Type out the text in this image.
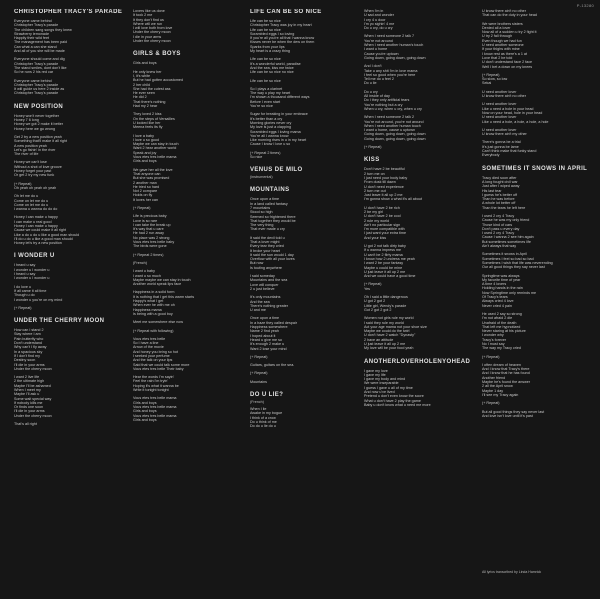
P-13280
CHRISTOPHER TRACY'S PARADE
Everyone came behind
Christopher Tracy's parade
The children sang songs they knew
Strawberry lemonade
Happily their wild feet
The management has been paid
Can what a can she stand
And all of you she will be made
Everyone should come and dig
Christopher Tracy's parade
The stand smiles, dont don't like
So he runs 2 his red car
Everyone came behind
Christopher Tracy's parade
It will guide us here 2 inside as
Christopher Tracy's parade
NEW POSITION
Honey won't never together
Honey 7 6 long
Honey we got 2 make it better
Honey here we go wrong
Get 2 try a new position yeah
Something that'll make it all right
A new position yeah
Let's go fishin' in the river
The river of life
Honey we can't lose
Without a shot of love groove
Honey forget your past
Or get 2 try my new funk
(+ Repeat)
Oh yeah oh yeah oh yeah
Oh let me do u
Come on let me do u
Come on let me do u
I wanna u wanna do do do
Honey I can make u happy
I can make u real good
Honey I can make u happy
Cause we could make it all right
Like a do u do u like a good man should
I'll do u do u like a good man should
Honey let's try a new position
I WONDER U
I heard u say
I wonder u I wonder u
I heard u say
I wonder u I wonder u
I do love u
If all came it all time
Though u do
I wonder u you're on my mind
(+ Repeat)
UNDER THE CHERRY MOON
How can I stand 2
Stay where I am
Pain butterfly who
Don't understand
Why can't I fly away
In a spacious sky
If I don't find my
Destiny soon
I'll die in your arms
Under the cherry moon
I want 2 live life
2 the ultimate high
Maybe I'll be ashamed
When I meet my
Maybe I'll ask u
Some wait special way
If nobody kills me
Or finds one soon
I'll die in your arms
Under the cherry moon
That's all right
Lovers like us done
It took 2 me
It they don't find us
Where will we run
I will love both from love
Under the cherry moon
I die in your arms
Under the cherry moon
GIRLS & BOYS
Girls and boys
He only knew her
I, it's white
But he had gotten accustomed
2 her child
She had the cutest ass
He ever seen
He did 2
That there's nothing
Had my 2 hear
They loved 2 kiss
On the steps of Versailles
U looked like her
Meena feels its fly
I love a baby
I love u so good
Maybe we can stay in touch
Want 2 hear another world
Speak and joy
Vous etes tres belle mama
Girls and boys
We gave her all the love
That anyone can
But she was promised
2 another man
He tried so hard
Not 2 compare
Holds on fly
It loves her can
(+ Repeat)
Life is precious baby
Love is so rare
I can take the break up
It's way that u care
He had 2 run away
No place was 2 strong
Vous etes tres belle baby
The birds were gone
(+ Repeat 2 times)
(French)
I want u baby
I want u so much
Maybe maybe we can stay in touch
Another world speak lips face
Happiness in a solid form
It is nothing that I get this warm starts
Happy's what I get
When ever he with me oh
Happiness mama
Is being with a good boy
Meet me somewhere else now
(+ Repeat with following)
Vous etes tres belle
So I have a line
Arrow of the movie
And honey you bring so hot
I seeked your perfume
And the talk on your lips
Said that we could talk some more
Vous etes tres belle Their baby
Hear the words I'm sayin'
Feel the rain I'm tryin'
Hoping it's what it wanna be
Write it tonight tonight
Vous etes tres belle mama
Girls and boys
Vous etes tres belle mama
Girls and boys
Vous etes tres belle mama
Girls and boys
LIFE CAN BE SO NICE
Life can be so nice
Christopher Tracy was joy in my heart
Life can be so nice
Scrambled eggs I so loving
If you're all you're all that I wanna know
Kisses never be when the dew on them
Sparks from your lips
My heart is a crazy thing
Life can be so nice
It's a wonderful world, paradise
And the sea, kiss me twice
Life can be so nice no nice
Life can be so nice
So I plays a clarinet
The way u play my heart
I'm shown a thousand different ways
Before I even start
You're so nice
Sugar for breaking in your embrace
It's better than a cry
Morning glories never cry
My love is just a clapping
Scrambled eggs I loving mama
You're all I wanna know
Like morning rises in u in my heart
Cause I know I love u so
(+ Repeat 2 times)
So nice
VENUS DE MILO
(instrumental)
MOUNTAINS
Once upon a time
In a land called fantasy
7 mountains
Stood so high
Seemed so frightened there
That together they would be
The very thing
That ever made u cry
It said the devil told u
That a lover might
Every tear they cried
It broke your heart
It said the sun would 1 day
Overflow with all your loves
But now
Is touting anywhere
I said someday
Mountains and the sea
Love will conquer
2 u just believe
It's only mountains
And the sea
There's nothing greater
U and me
Once upon a time
In a haze they called despair
Happiness somewhere
Name 2 find yeah
I hoped about it
Heard u give me so
It's enough 2 make u
Want 2 lose your mind
(+ Repeat)
Guitars, guitars on the sea.
(+ Repeat)
Mountains
DO U LIE?
(French)
When I lie
Awake in my bogue
I think of a crow
Do u think of me
Do do u lie do u
When I'm in
U sad and wonder
I cry 4 u door
I'm yo sighin' 4 me
Do u cry, do u cry
When I need someone 2 talk 7
You're not around
When I need another human's touch
I want u home
Cause you're uptown
Going down, going down, going down
And I don't
Take u any shit I'm in love mama
I feel so good when you're here
Tell me do u feel 2
Do u lie
Do u cry
All inside of day
Do I they only artificial tears
You're nothing but a cry
When u cry, when u cry, when u cry
When I need someone 2 talk 2
You're not around, you're not around
When I need another human touch
I want u home, cause u uptown
Going down, going down, going down
Going down, going down, going down
(+ Repeat)
KISS
Don't have 2 be beautiful
2 turn me on
I just need your body baby
From dusk till dawn
U don't need experience
2 turn me out
Just leave it all up 2 me
I'm gonna show u what it's all about
U don't have 2 be rich
2 be my girl
U don't have 2 be cool
2 rule my world
Ain't no particular sign
I'm more compatible with
I just want your extra time
And your kiss
U got 2 not talk dirty baby
If u wanna impress me
U can't be 2 flirty mama
I know how 2 undress me yeah
I want 2 be your fantasy
Maybe u could be mine
U just leave it all up 2 me
And we could have a good time
(+ Repeat)
Yes
Oh I said a little dangerous
U got 2 got 2
Little girl, Wendy's parade
Got 2 got 2 got 2
Women not girls rule my world
I said they rule my world
Act your age mama not your shoe size
Maybe we could do the twirl
U don't have 2 watch "Dynasty"
2 have an attitude
U just leave it all up 2 me
My love will be your food yeah
ANOTHERLOVERHOLENYOHEAD
I gave my love
I gave my life
I gave my body and mind
We were inseparable
I guess I gave u all of my time
And now u've lived
Pretend u don't even know the score
What u don't have 2 play the game
Baby u don't know what u need me more
U know there ain't no other
That can do the duty in your head
We were brothers sisters
Denied all a lover
Now all of a sudden u try 2 fight it
U try 2 fall through
Even though we had fun
U need another someone
If your thighs with mine
I know rest as there's a 1 at
Love that 2 be told
U don't understand face 2 face
Well I bet a down on my knees
(+ Repeat)
So slow, so low
Sekai
U need another lover
U know there ain't no other
U need another lover
Like u need a hole in your head
Now on your head, hole in your head
U need another lover
Like u need a hole, a hole, a hole, a hole
U need another lover
U know there ain't my other
There's gonna be a trial
It's just gonna be lame
Can't think make that funky stand
Everybody
SOMETIMES IT SNOWS IN APRIL
Tracy died soon after
A long fought civil war
Just after I wiped away
His last tear
I guess he's better off
Than he was before
A whole lot better off
Than the tears he left here
I used 2 cry 4 Tracy
Cause he was my only friend
Those kind of cars
Don't pass u every day
I used 2 cry 4 Tracy
Cause I wanna 2 see him again
But sometimes sometimes life
Ain't always that way
Sometimes it snows in April
Sometimes I feel so bad so bad
Sometimes I wish that life was neverending
Our all good things they say never last
Springtime was always
My favorite time of year
A time 4 lovers
Holding hands in the rain
Now Springtime only reminds me
Of Tracy's tears
Always cried 4 love
Never cried 4 pain
He used 2 say so strong
I'm not afraid 2 die
Unafraid of the death
That left me hypnotized
Never staring at his picture
I wonder why
Tracy's forever
No I must say
The way my Tracy cried
(+ Repeat)
I often dream of heaven
And I know that Tracy's there
And I know that he has found
Another friend
Maybe he's found the answer
2 all the April snow
Maybe 1 day
I'll see my Tracy again
(+ Repeat)
But all good things they say never last
And love isn't love until it's past
All lyrics transcribed by Linda Hamrick
